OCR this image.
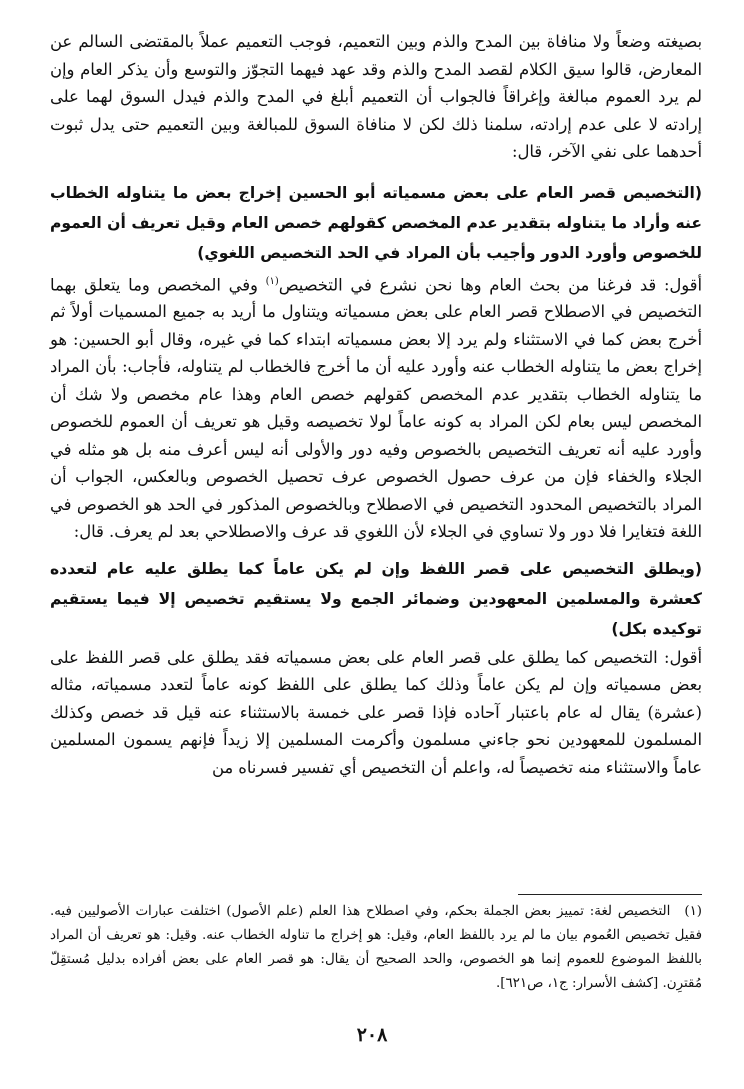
بصيغته وضعاً ولا منافاة بين المدح والذم وبين التعميم، فوجب التعميم عملاً بالمقتضى السالم عن المعارض، قالوا سيق الكلام لقصد المدح والذم وقد عهد فيهما التجوّز والتوسع وأن يذكر العام وإن لم يرد العموم مبالغة وإغراقاً فالجواب أن التعميم أبلغ في المدح والذم فيدل السوق لهما على إرادته لا على عدم إرادته، سلمنا ذلك لكن لا منافاة السوق للمبالغة وبين التعميم حتى يدل ثبوت أحدهما على نفي الآخر، قال:

(التخصيص قصر العام على بعض مسمياته أبو الحسين إخراج بعض ما يتناوله الخطاب عنه وأراد ما يتناوله بتقدير عدم المخصص كقولهم خصص العام وقيل تعريف أن العموم للخصوص وأورد الدور وأجيب بأن المراد في الحد التخصيص اللغوي)

أقول: قد فرغنا من بحث العام وها نحن نشرع في التخصيص$^{(١)}$ وفي المخصص وما يتعلق بهما التخصيص في الاصطلاح قصر العام على بعض مسمياته ويتناول ما أريد به جميع المسميات أولاً ثم أخرج بعض كما في الاستثناء ولم يرد إلا بعض مسمياته ابتداء كما في غيره، وقال أبو الحسين: هو إخراج بعض ما يتناوله الخطاب عنه وأورد عليه أن ما أخرج فالخطاب لم يتناوله، فأجاب: بأن المراد ما يتناوله الخطاب بتقدير عدم المخصص كقولهم خصص العام وهذا عام مخصص ولا شك أن المخصص ليس بعام لكن المراد به كونه عاماً لولا تخصيصه وقيل هو تعريف أن العموم للخصوص وأورد عليه أنه تعريف التخصيص بالخصوص وفيه دور والأولى أنه ليس أعرف منه بل هو مثله في الجلاء والخفاء فإن من عرف حصول الخصوص عرف تحصيل الخصوص وبالعكس، الجواب أن المراد بالتخصيص المحدود التخصيص في الاصطلاح وبالخصوص المذكور في الحد هو الخصوص في اللغة فتغايرا فلا دور ولا تساوي في الجلاء لأن اللغوي قد عرف والاصطلاحي بعد لم يعرف. قال:

(ويطلق التخصيص على قصر اللفظ وإن لم يكن عاماً كما يطلق عليه عام لتعدده كعشرة والمسلمين المعهودين وضمائر الجمع ولا يستقيم تخصيص إلا فيما يستقيم توكيده بكل)

أقول: التخصيص كما يطلق على قصر العام على بعض مسمياته فقد يطلق على قصر اللفظ على بعض مسمياته وإن لم يكن عاماً وذلك كما يطلق على اللفظ كونه عاماً لتعدد مسمياته، مثاله (عشرة) يقال له عام باعتبار آحاده فإذا قصر على خمسة بالاستثناء عنه قيل قد خصص وكذلك المسلمون للمعهودين نحو جاءني مسلمون وأكرمت المسلمين إلا زيداً فإنهم يسمون المسلمين عاماً والاستثناء منه تخصيصاً له، واعلم أن التخصيص أي تفسير فسرناه من

(١)التخصيص لغة: تمييز بعض الجملة بحكم، وفي اصطلاح هذا العلم (علم الأصول) اختلفت عبارات الأصوليين فيه. فقيل تخصيص العُموم بيان ما لم يرد باللفظ العام، وقيل: هو إخراج ما تناوله الخطاب عنه. وقيل: هو تعريف أن المراد باللفظ الموضوع للعموم إنما هو الخصوص، والحد الصحيح أن يقال: هو قصر العام على بعض أفراده بدليل مُستقِلّ مُقترِن. [كشف الأسرار: ج١، ص٦٢١].

٢٠٨
